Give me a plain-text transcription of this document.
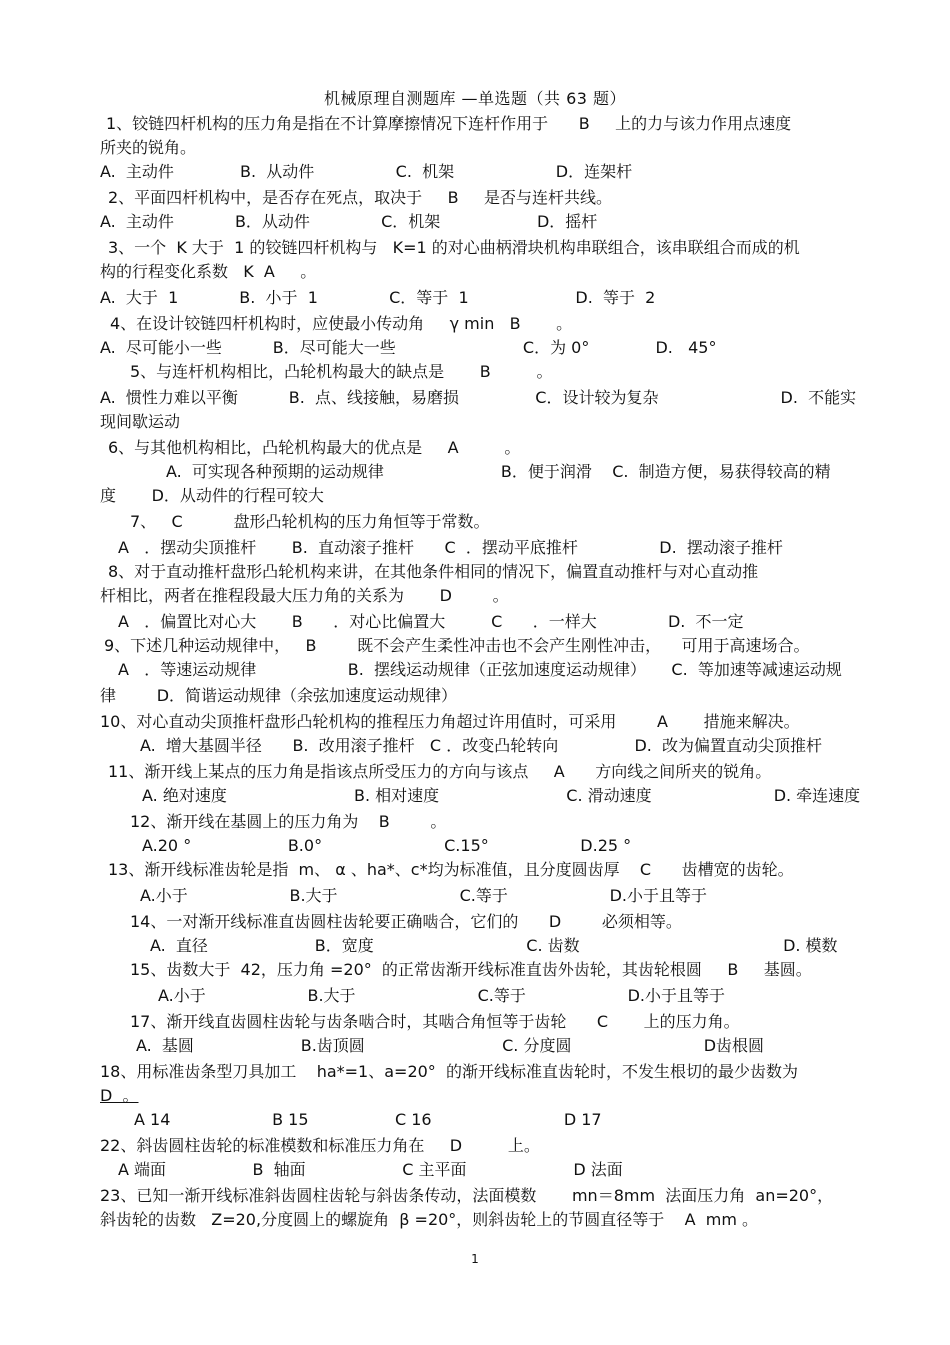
机械原理自测题库 —单选题（共 63 题）
1、铰链四杆机构的压力角是指在不计算摩擦情况下连杆作用于      B     上的力与该力作用点速度
所夹的锐角。
A.  主动件             B.  从动件                C.  机架                    D．连架杆
2、平面四杆机构中，是否存在死点，取决于     B     是否与连杆共线。
A.  主动件            B．从动件              C．机架                   D．摇杆
3、一个  K 大于  1 的铰链四杆机构与   K=1 的对心曲柄滑块机构串联组合，该串联组合而成的机
构的行程变化系数   K  A     。
A.  大于  1            B.  小于  1              C．等于  1                     D.  等于  2
4、在设计铰链四杆机构时，应使最小传动角     γ min   B       。
A.  尽可能小一些          B．尽可能大一些                         C．为 0°             D.   45°
5、与连杆机构相比，凸轮机构最大的缺点是       B         。
A.  惯性力难以平衡          B.  点、线接触，易磨损               C．设计较为复杂                        D.  不能实
现间歇运动
6、与其他机构相比，凸轮机构最大的优点是     A         。
A.  可实现各种预期的运动规律                       B．便于润滑    C.  制造方便，易获得较高的精
度       D．从动件的行程可较大
7、   C          盘形凸轮机构的压力角恒等于常数。
A   ．摆动尖顶推杆       B.  直动滚子推杆      C  ．摆动平底推杆                D.  摆动滚子推杆
8、对于直动推杆盘形凸轮机构来讲，在其他条件相同的情况下，偏置直动推杆与对心直动推
杆相比，两者在推程段最大压力角的关系为       D        。
A   ．偏置比对心大       B      ．对心比偏置大         C      ．一样大              D.  不一定
9、下述几种运动规律中，   B        既不会产生柔性冲击也不会产生刚性冲击，    可用于高速场合。
A   ．等速运动规律                  B.  摆线运动规律（正弦加速度运动规律）     C.  等加速等减速运动规
律        D．简谐运动规律（余弦加速度运动规律）
10、对心直动尖顶推杆盘形凸轮机构的推程压力角超过许用值时，可采用        A       措施来解决。
A.  增大基圆半径      B.  改用滚子推杆   C ．改变凸轮转向               D.  改为偏置直动尖顶推杆
11、渐开线上某点的压力角是指该点所受压力的方向与该点     A      方向线之间所夹的锐角。
A. 绝对速度                         B. 相对速度                         C. 滑动速度                        D. 牵连速度
12、渐开线在基圆上的压力角为    B        。
A.20 °                   B.0°                        C.15°                  D.25 °
13、渐开线标准齿轮是指  m、 α 、ha*、c*均为标准值，且分度圆齿厚    C      齿槽宽的齿轮。
A.小于                    B.大于                        C.等于                    D.小于且等于
14、一对渐开线标准直齿圆柱齿轮要正确啮合，它们的      D        必须相等。
A.  直径                     B．宽度                              C. 齿数                                        D. 模数
15、齿数大于  42，压力角 =20°  的正常齿渐开线标准直齿外齿轮，其齿轮根圆     B     基圆。
A.小于                    B.大于                        C.等于                    D.小于且等于
17、渐开线直齿圆柱齿轮与齿条啮合时，其啮合角恒等于齿轮      C       上的压力角。
A.  基圆                     B.齿顶圆                           C. 分度圆                          D齿根圆
18、用标准齿条型刀具加工    ha*=1、a=20°  的渐开线标准直齿轮时，不发生根切的最少齿数为
D  。
A 14                    B 15                 C 16                          D 17
22、斜齿圆柱齿轮的标准模数和标准压力角在     D         上。
A 端面                 B  轴面                   C 主平面                     D 法面
23、已知一渐开线标准斜齿圆柱齿轮与斜齿条传动，法面模数       mn＝8mm  法面压力角  an=20°，
斜齿轮的齿数   Z=20,分度圆上的螺旋角  β =20°，则斜齿轮上的节圆直径等于    A  mm 。
1
